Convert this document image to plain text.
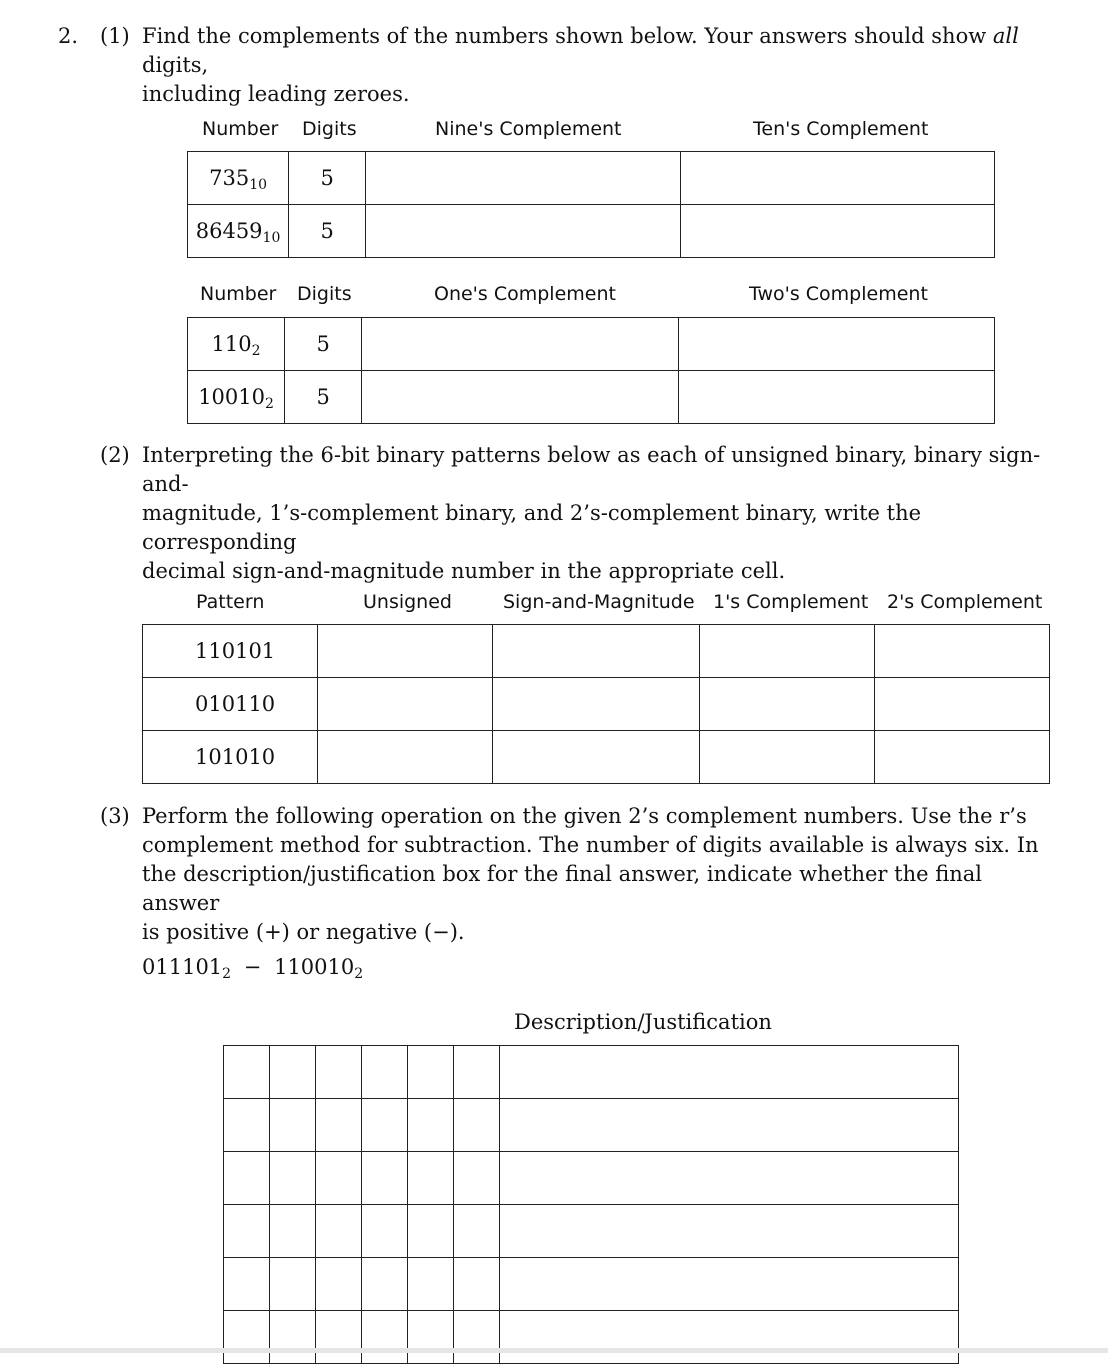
2. (1) Find the complements of the numbers shown below. Your answers should show all digits,
including leading zeroes.
Number Digits	Nine's Complement	Ten's Complement
$735_{10}$	5		
$86459_{10}$	5		
Number Digits	One's Complement	Two's Complement
$110_2$	5		
$10010_2$	5		
(2) Interpreting the 6-bit binary patterns below as each of unsigned binary, binary sign-and-
magnitude, 1’s-complement binary, and 2’s-complement binary, write the corresponding
decimal sign-and-magnitude number in the appropriate cell.
Pattern	Unsigned	Sign-and-Magnitude 1's Complement 2's Complement
110101				
010110				
101010				
(3) Perform the following operation on the given 2’s complement numbers. Use the r’s
complement method for subtraction. The number of digits available is always six. In
the description/justification box for the final answer, indicate whether the final answer
is positive (+) or negative (−).
$011101_2 - 110010_2$
Description/Justification
